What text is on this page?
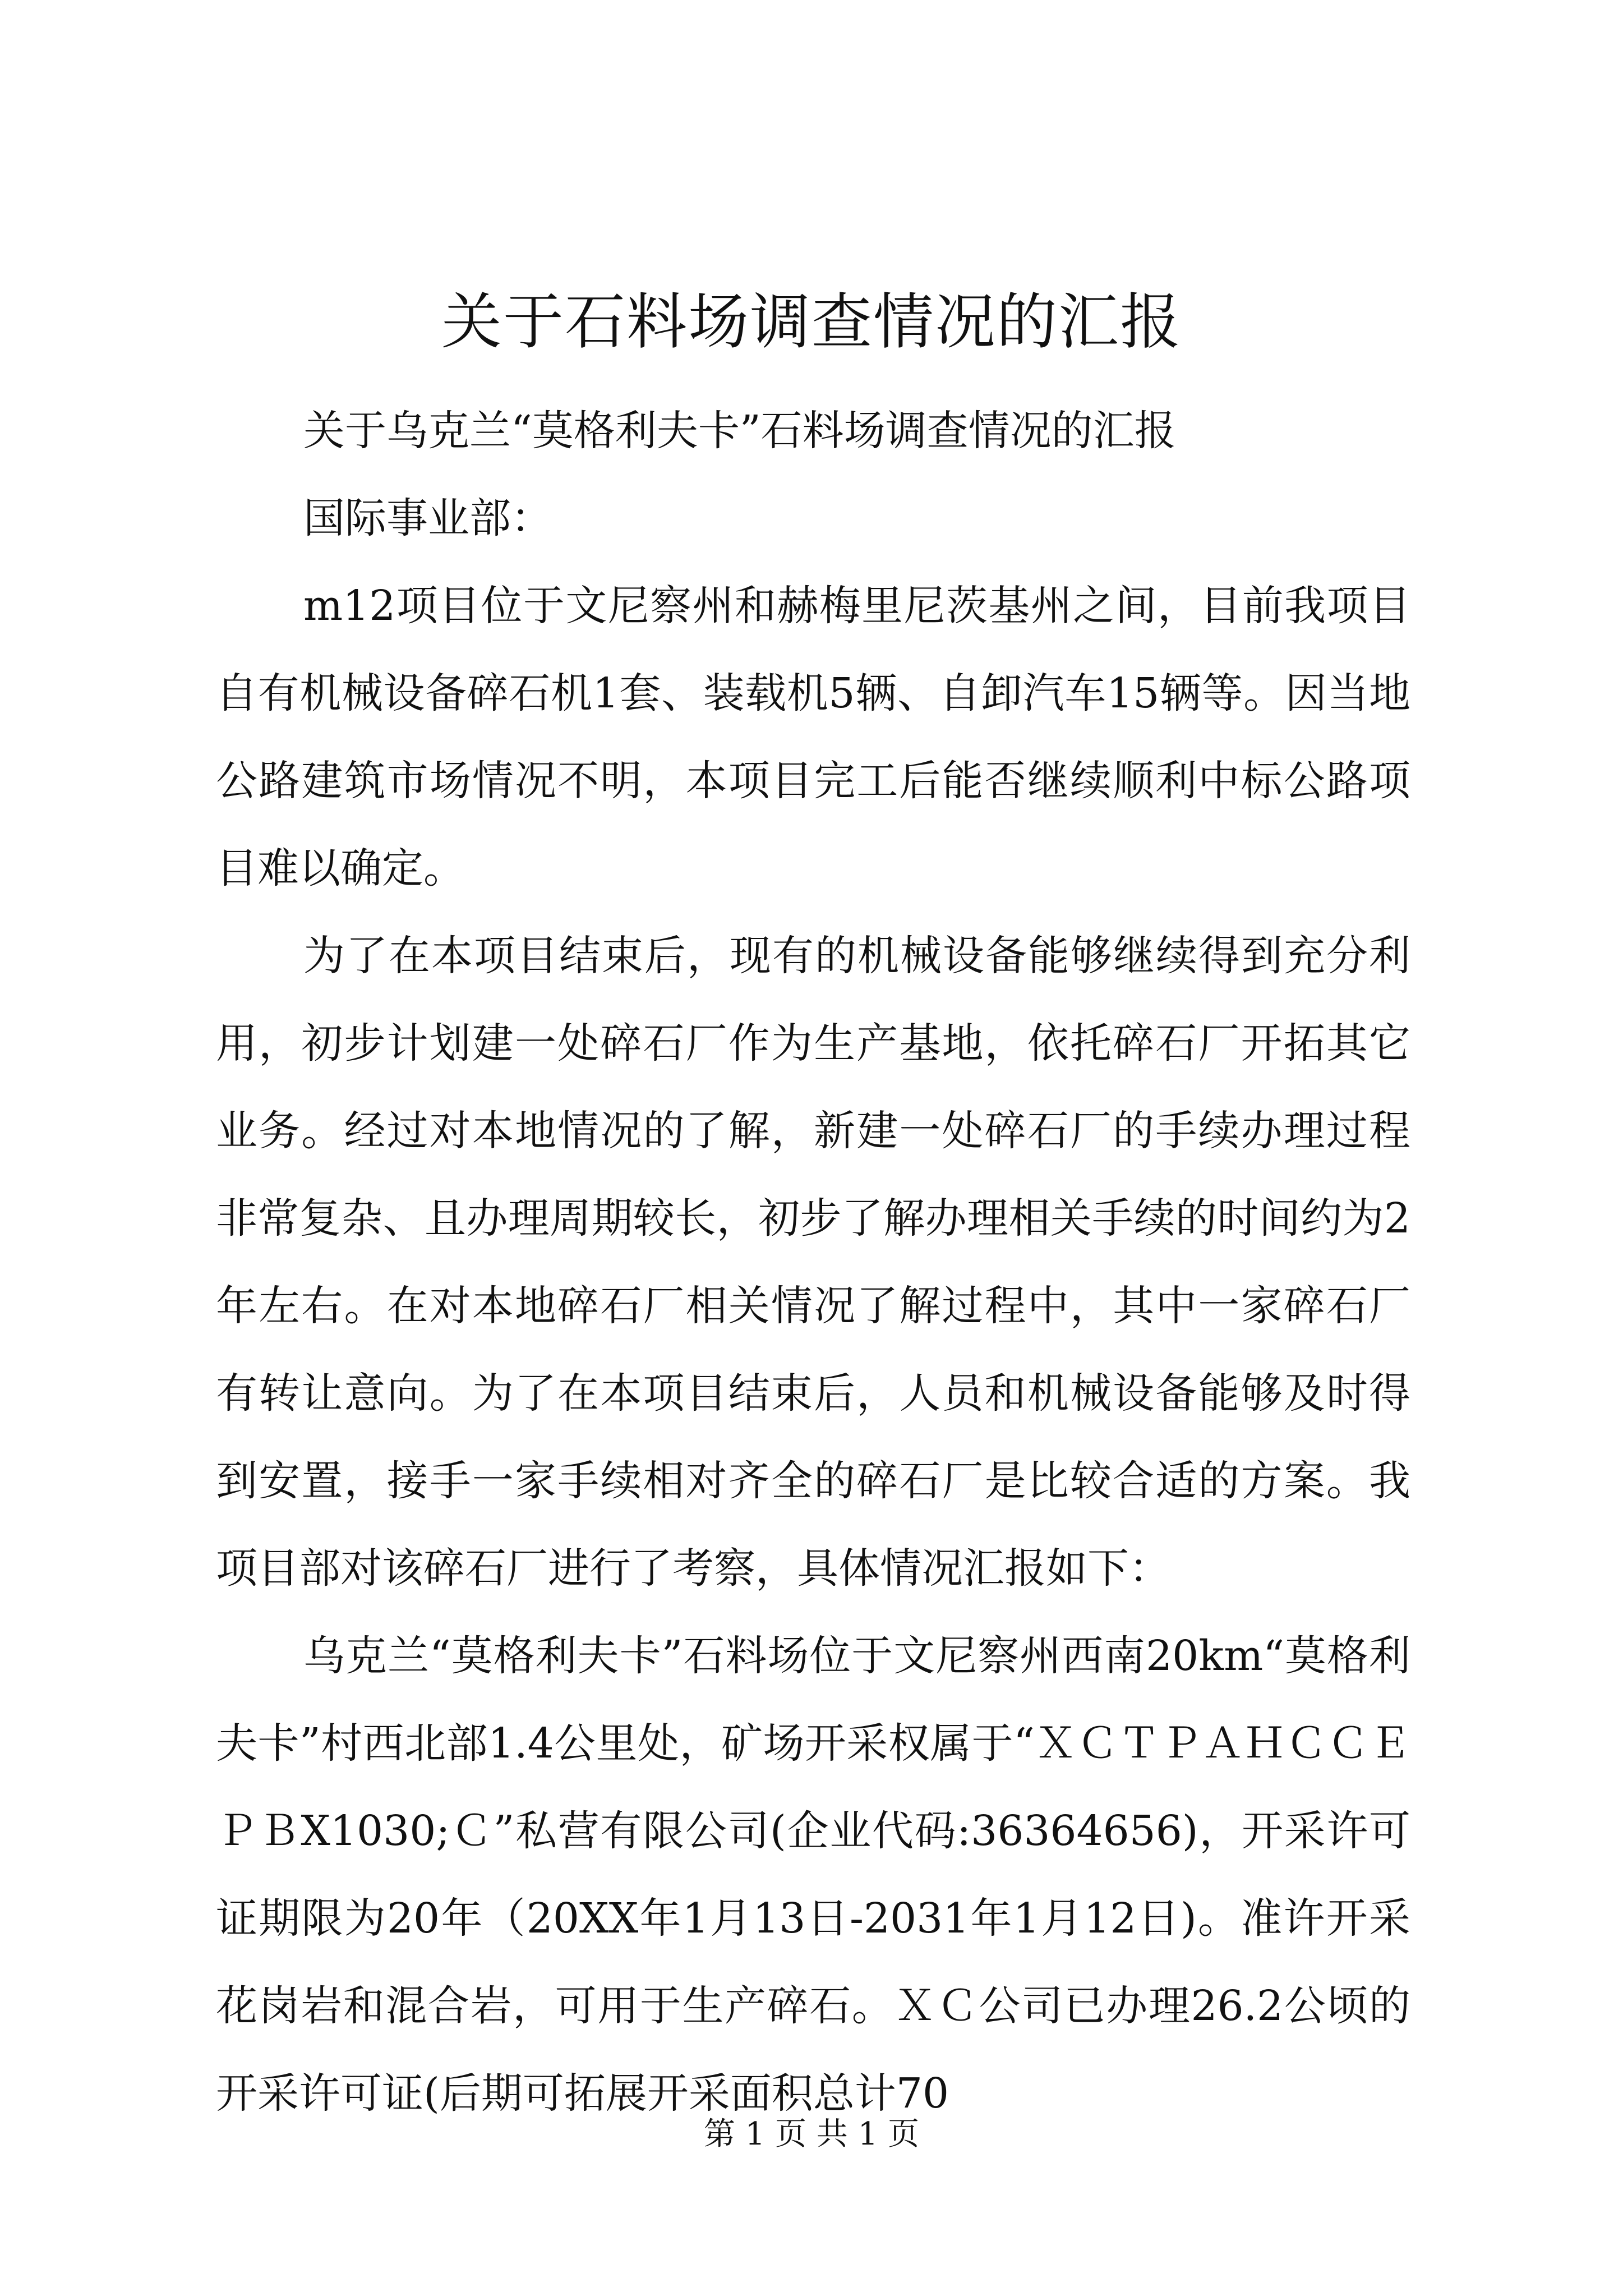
关于石料场调查情况的汇报

关于乌克兰“莫格利夫卡”石料场调查情况的汇报

国际事业部：

m12项目位于文尼察州和赫梅里尼茨基州之间，目前我项目自有机械设备碎石机1套、装载机5辆、自卸汽车15辆等。因当地公路建筑市场情况不明，本项目完工后能否继续顺利中标公路项目难以确定。

为了在本项目结束后，现有的机械设备能够继续得到充分利用，初步计划建一处碎石厂作为生产基地，依托碎石厂开拓其它业务。经过对本地情况的了解，新建一处碎石厂的手续办理过程非常复杂、且办理周期较长，初步了解办理相关手续的时间约为2年左右。在对本地碎石厂相关情况了解过程中，其中一家碎石厂有转让意向。为了在本项目结束后，人员和机械设备能够及时得到安置，接手一家手续相对齐全的碎石厂是比较合适的方案。我项目部对该碎石厂进行了考察，具体情况汇报如下：

乌克兰“莫格利夫卡”石料场位于文尼察州西南20km“莫格利夫卡”村西北部1.4公里处，矿场开采权属于“ＸＣＴＰＡＨＣＣＥＰＢX1030;Ｃ”私营有限公司(企业代码:36364656)，开采许可证期限为20年（20XX年1月13日-2031年1月12日)。准许开采花岗岩和混合岩，可用于生产碎石。ＸＣ公司已办理26.2公顷的开采许可证(后期可拓展开采面积总计70

第 1 页 共 1 页
